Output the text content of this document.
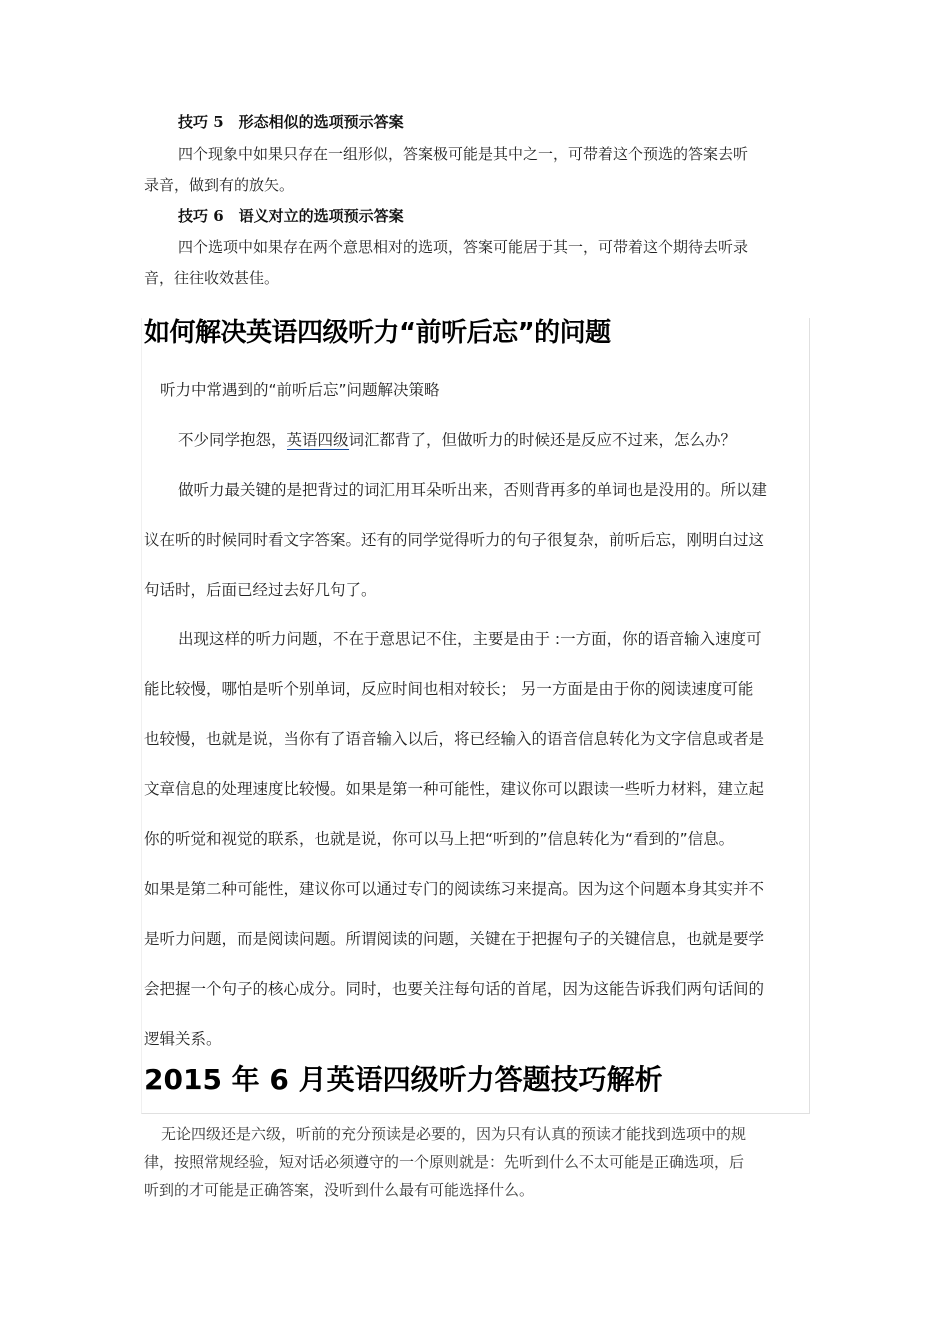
技巧 5　形态相似的选项预示答案
四个现象中如果只存在一组形似，答案极可能是其中之一，可带着这个预选的答案去听
录音，做到有的放矢。
技巧 6　语义对立的选项预示答案
四个选项中如果存在两个意思相对的选项，答案可能居于其一，可带着这个期待去听录
音，往往收效甚佳。
如何解决英语四级听力“前听后忘”的问题
听力中常遇到的“前听后忘”问题解决策略
不少同学抱怨，英语四级词汇都背了，但做听力的时候还是反应不过来，怎么办？
做听力最关键的是把背过的词汇用耳朵听出来，否则背再多的单词也是没用的。所以建
议在听的时候同时看文字答案。还有的同学觉得听力的句子很复杂，前听后忘，刚明白过这
句话时，后面已经过去好几句了。
出现这样的听力问题，不在于意思记不住，主要是由于 :一方面，你的语音输入速度可
能比较慢，哪怕是听个别单词，反应时间也相对较长； 另一方面是由于你的阅读速度可能
也较慢，也就是说，当你有了语音输入以后，将已经输入的语音信息转化为文字信息或者是
文章信息的处理速度比较慢。如果是第一种可能性，建议你可以跟读一些听力材料，建立起
你的听觉和视觉的联系，也就是说，你可以马上把“听到的”信息转化为“看到的”信息。
如果是第二种可能性，建议你可以通过专门的阅读练习来提高。因为这个问题本身其实并不
是听力问题，而是阅读问题。所谓阅读的问题，关键在于把握句子的关键信息，也就是要学
会把握一个句子的核心成分。同时，也要关注每句话的首尾，因为这能告诉我们两句话间的
逻辑关系。
2015 年 6 月英语四级听力答题技巧解析
无论四级还是六级，听前的充分预读是必要的，因为只有认真的预读才能找到选项中的规
律，按照常规经验，短对话必须遵守的一个原则就是：先听到什么不太可能是正确选项，后
听到的才可能是正确答案，没听到什么最有可能选择什么。
